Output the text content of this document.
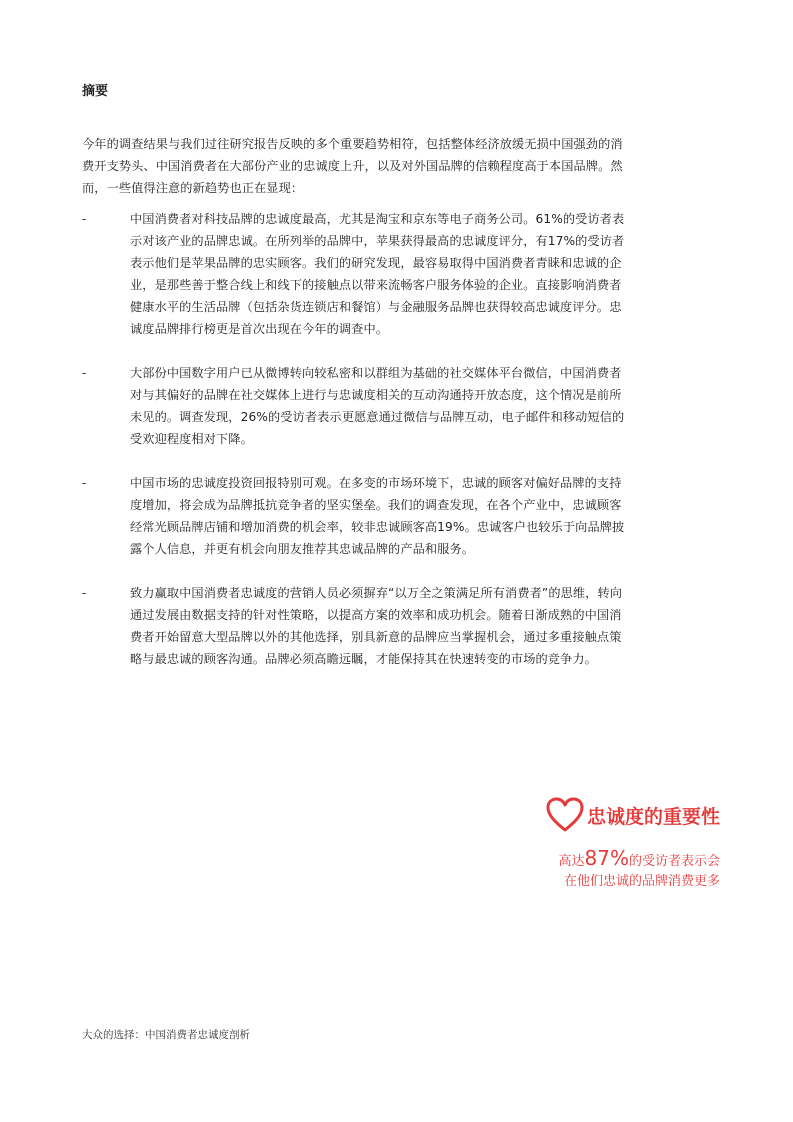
摘要
今年的调查结果与我们过往研究报告反映的多个重要趋势相符，包括整体经济放缓无损中国强劲的消费开支势头、中国消费者在大部份产业的忠诚度上升，以及对外国品牌的信赖程度高于本国品牌。然而，一些值得注意的新趋势也正在显现：
-	中国消费者对科技品牌的忠诚度最高，尤其是淘宝和京东等电子商务公司。61%的受访者表示对该产业的品牌忠诚。在所列举的品牌中，苹果获得最高的忠诚度评分，有17%的受访者表示他们是苹果品牌的忠实顾客。我们的研究发现，最容易取得中国消费者青睐和忠诚的企业，是那些善于整合线上和线下的接触点以带来流畅客户服务体验的企业。直接影响消费者健康水平的生活品牌（包括杂货连锁店和餐馆）与金融服务品牌也获得较高忠诚度评分。忠诚度品牌排行榜更是首次出现在今年的调查中。
-	大部份中国数字用户已从微博转向较私密和以群组为基础的社交媒体平台微信，中国消费者对与其偏好的品牌在社交媒体上进行与忠诚度相关的互动沟通持开放态度，这个情况是前所未见的。调查发现，26%的受访者表示更愿意通过微信与品牌互动，电子邮件和移动短信的受欢迎程度相对下降。
-	中国市场的忠诚度投资回报特别可观。在多变的市场环境下，忠诚的顾客对偏好品牌的支持度增加，将会成为品牌抵抗竞争者的坚实堡垒。我们的调查发现，在各个产业中，忠诚顾客经常光顾品牌店铺和增加消费的机会率，较非忠诚顾客高19%。忠诚客户也较乐于向品牌披露个人信息，并更有机会向朋友推荐其忠诚品牌的产品和服务。
-	致力赢取中国消费者忠诚度的营销人员必须摒弃“以万全之策满足所有消费者”的思维，转向通过发展由数据支持的针对性策略，以提高方案的效率和成功机会。随着日渐成熟的中国消费者开始留意大型品牌以外的其他选择，别具新意的品牌应当掌握机会，通过多重接触点策略与最忠诚的顾客沟通。品牌必须高瞻远瞩，才能保持其在快速转变的市场的竞争力。
忠诚度的重要性
高达87%的受访者表示会
在他们忠诚的品牌消费更多
大众的选择：中国消费者忠诚度剖析
